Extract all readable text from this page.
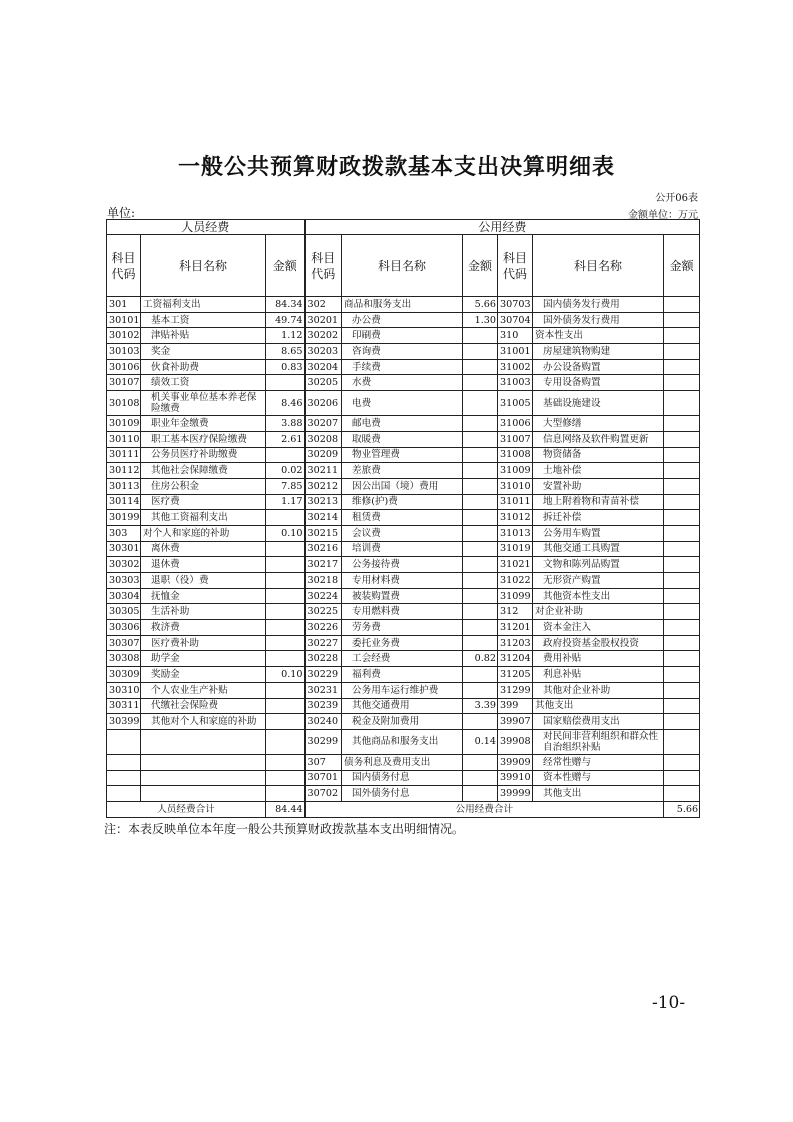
一般公共预算财政拨款基本支出决算明细表
公开06表
单位:	金额单位：万元
人员经费			公用经费					
科目代码	科目名称	金额	科目代码	科目名称	金额	科目代码	科目名称	金额
301	工资福利支出	84.34	302	商品和服务支出	5.66	30703	国内债务发行费用	
30101	基本工资	49.74	30201	办公费	1.30	30704	国外债务发行费用	
30102	津贴补贴	1.12	30202	印刷费		310	资本性支出	
30103	奖金	8.65	30203	咨询费		31001	房屋建筑物购建	
30106	伙食补助费	0.83	30204	手续费		31002	办公设备购置	
30107	绩效工资		30205	水费		31003	专用设备购置	
30108	机关事业单位基本养老保险缴费	8.46	30206	电费		31005	基础设施建设	
30109	职业年金缴费	3.88	30207	邮电费		31006	大型修缮	
30110	职工基本医疗保险缴费	2.61	30208	取暖费		31007	信息网络及软件购置更新	
30111	公务员医疗补助缴费		30209	物业管理费		31008	物资储备	
30112	其他社会保障缴费	0.02	30211	差旅费		31009	土地补偿	
30113	住房公积金	7.85	30212	因公出国（境）费用		31010	安置补助	
30114	医疗费	1.17	30213	维修(护)费		31011	地上附着物和青苗补偿	
30199	其他工资福利支出		30214	租赁费		31012	拆迁补偿	
303	对个人和家庭的补助	0.10	30215	会议费		31013	公务用车购置	
30301	离休费		30216	培训费		31019	其他交通工具购置	
30302	退休费		30217	公务接待费		31021	文物和陈列品购置	
30303	退职（役）费		30218	专用材料费		31022	无形资产购置	
30304	抚恤金		30224	被装购置费		31099	其他资本性支出	
30305	生活补助		30225	专用燃料费		312	对企业补助	
30306	救济费		30226	劳务费		31201	资本金注入	
30307	医疗费补助		30227	委托业务费		31203	政府投资基金股权投资	
30308	助学金		30228	工会经费	0.82	31204	费用补贴	
30309	奖励金	0.10	30229	福利费		31205	利息补贴	
30310	个人农业生产补贴		30231	公务用车运行维护费		31299	其他对企业补助	
30311	代缴社会保险费		30239	其他交通费用	3.39	399	其他支出	
30399	其他对个人和家庭的补助		30240	税金及附加费用		39907	国家赔偿费用支出	
			30299	其他商品和服务支出	0.14	39908	对民间非营利组织和群众性自治组织补贴	
			307	债务利息及费用支出		39909	经常性赠与	
			30701	国内债务付息		39910	资本性赠与	
			30702	国外债务付息		39999	其他支出	
人员经费合计		84.44	公用经费合计					5.66
注：本表反映单位本年度一般公共预算财政拨款基本支出明细情况。
-10-
